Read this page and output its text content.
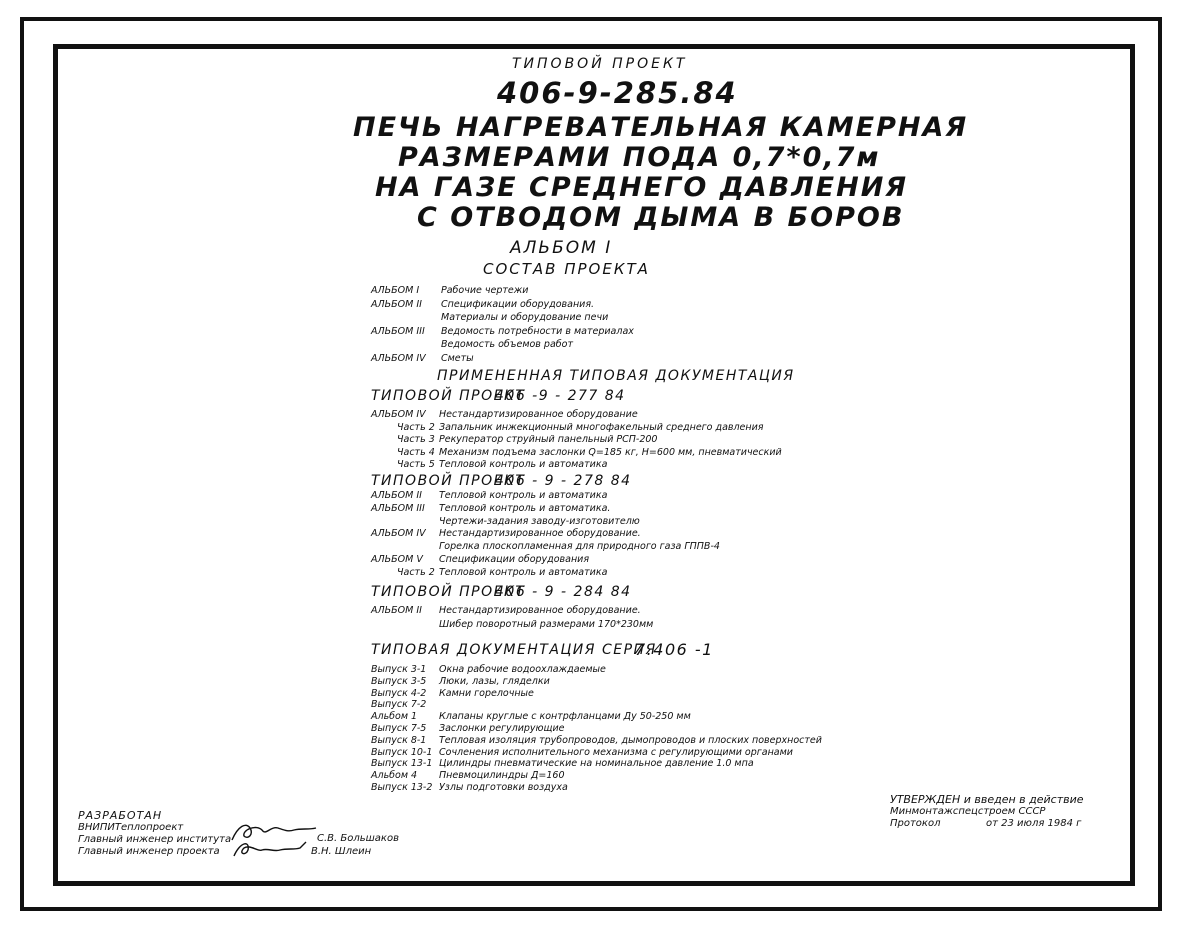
ТИПОВОЙ ПРОЕКТ
406-9-285.84
ПЕЧЬ НАГРЕВАТЕЛЬНАЯ КАМЕРНАЯ
РАЗМЕРАМИ ПОДА 0,7*0,7м
НА ГАЗЕ СРЕДНЕГО ДАВЛЕНИЯ
С ОТВОДОМ ДЫМА В БОРОВ
АЛЬБОМ I
СОСТАВ ПРОЕКТА
АЛЬБОМ I Рабочие чертежи
АЛЬБОМ II Спецификации оборудования.
Материалы и оборудование печи
АЛЬБОМ III Ведомость потребности в материалах
Ведомость объемов работ
АЛЬБОМ IV Сметы
ПРИМЕНЕННАЯ ТИПОВАЯ ДОКУМЕНТАЦИЯ
ТИПОВОЙ ПРОЕКТ
406 -9 - 277 84
АЛЬБОМ IV Нестандартизированное оборудование
Часть 2 Запальник инжекционный многофакельный среднего давления
Часть 3 Рекуператор струйный панельный РСП-200
Часть 4 Механизм подъема заслонки Q=185 кг, Н=600 мм, пневматический
Часть 5 Тепловой контроль и автоматика
ТИПОВОЙ ПРОЕКТ
406 - 9 - 278 84
АЛЬБОМ II Тепловой контроль и автоматика
АЛЬБОМ III Тепловой контроль и автоматика.
Чертежи-задания заводу-изготовителю
АЛЬБОМ IV Нестандартизированное оборудование.
Горелка плоскопламенная для природного газа ГППВ-4
АЛЬБОМ V Спецификации оборудования
Часть 2 Тепловой контроль и автоматика
ТИПОВОЙ ПРОЕКТ
406 - 9 - 284 84
АЛЬБОМ II Нестандартизированное оборудование.
Шибер поворотный размерами 170*230мм
ТИПОВАЯ ДОКУМЕНТАЦИЯ СЕРИЯ
7.406 -1
Выпуск 3-1 Окна рабочие водоохлаждаемые
Выпуск 3-5 Люки, лазы, гляделки
Выпуск 4-2 Камни горелочные
Выпуск 7-2
Альбом 1 Клапаны круглые с контрфланцами Ду 50-250 мм
Выпуск 7-5 Заслонки регулирующие
Выпуск 8-1 Тепловая изоляция трубопроводов, дымопроводов и плоских поверхностей
Выпуск 10-1 Сочленения исполнительного механизма с регулирующими органами
Выпуск 13-1 Цилиндры пневматические на номинальное давление 1.0 мпа
Альбом 4 Пневмоцилиндры Д=160
Выпуск 13-2 Узлы подготовки воздуха
РАЗРАБОТАН
ВНИПИТеплопроект
Главный инженер института
Главный инженер проекта
С.В. Большаков
В.Н. Шлеин
УТВЕРЖДЕН и введен в действие
Минмонтажспецстроем СССР
Протокол	от 23 июля 1984 г
